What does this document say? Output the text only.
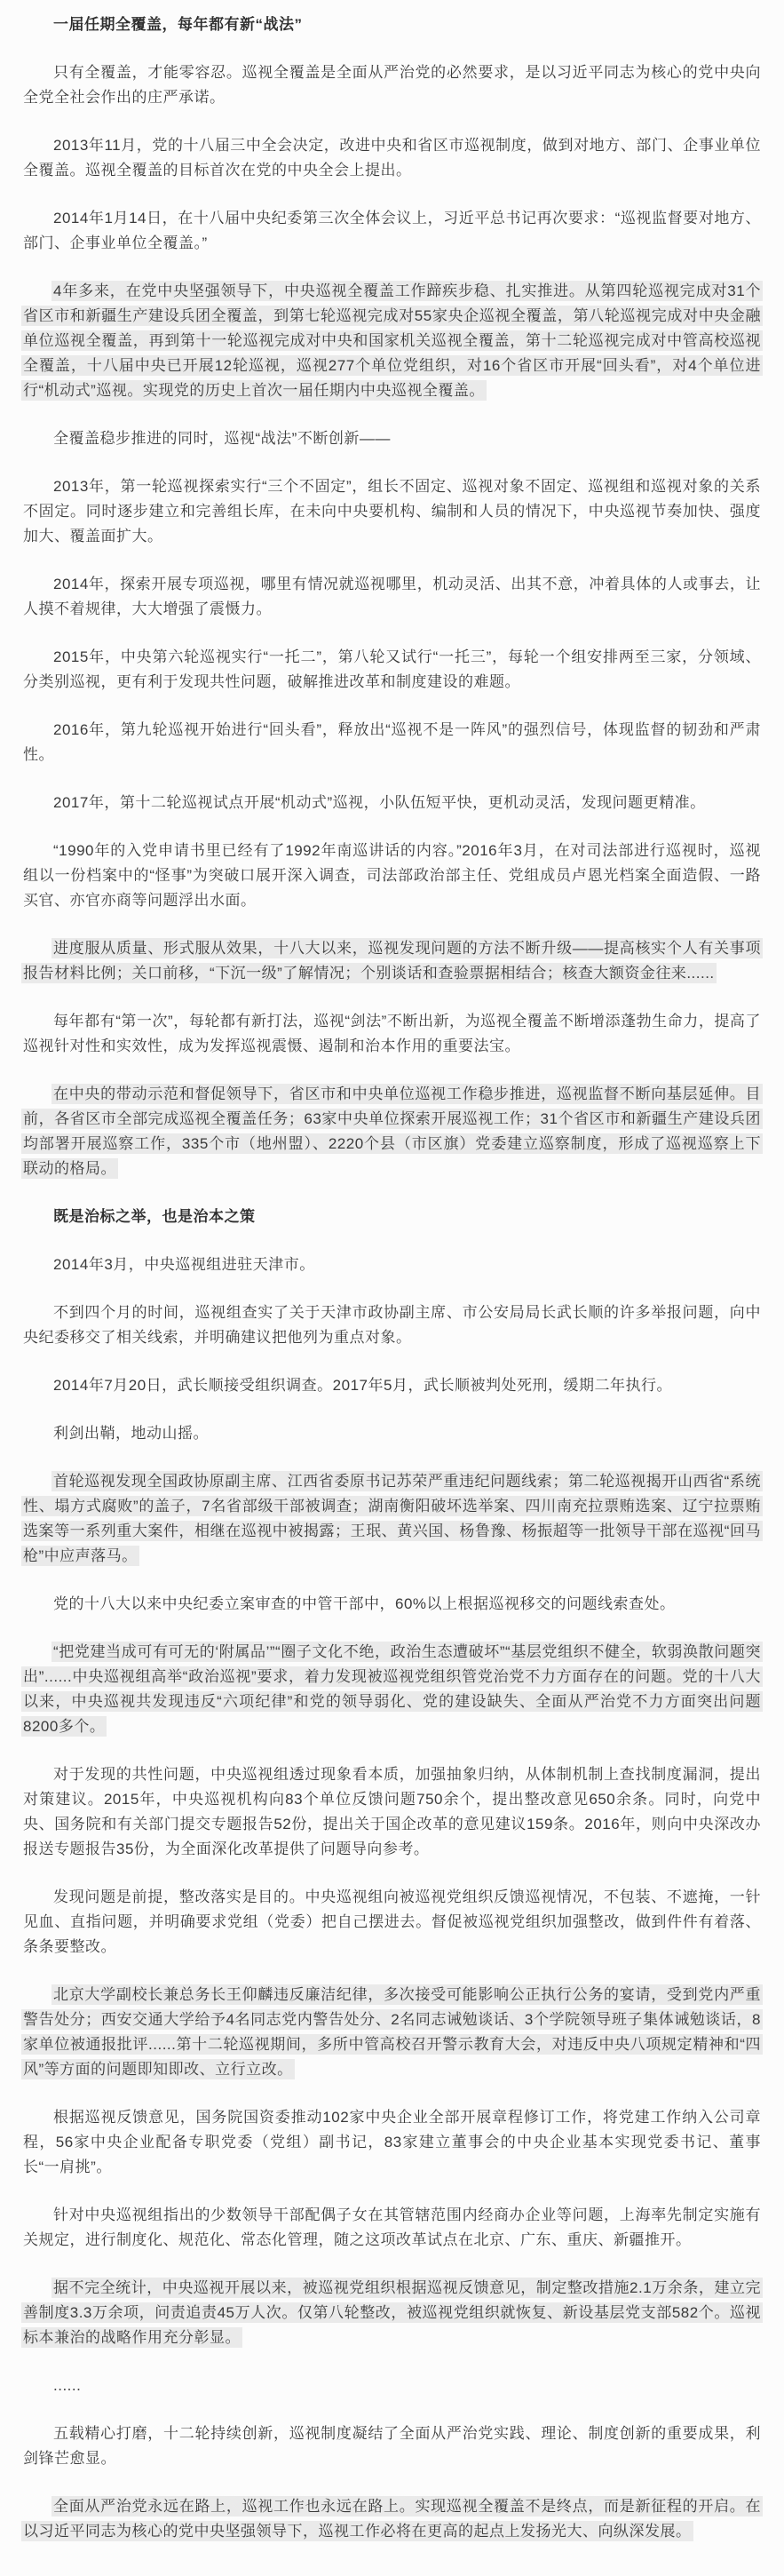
一届任期全覆盖，每年都有新“战法”

只有全覆盖，才能零容忍。巡视全覆盖是全面从严治党的必然要求，是以习近平同志为核心的党中央向全党全社会作出的庄严承诺。

2013年11月，党的十八届三中全会决定，改进中央和省区市巡视制度，做到对地方、部门、企事业单位全覆盖。巡视全覆盖的目标首次在党的中央全会上提出。

2014年1月14日，在十八届中央纪委第三次全体会议上，习近平总书记再次要求：“巡视监督要对地方、部门、企事业单位全覆盖。”

4年多来，在党中央坚强领导下，中央巡视全覆盖工作蹄疾步稳、扎实推进。从第四轮巡视完成对31个省区市和新疆生产建设兵团全覆盖，到第七轮巡视完成对55家央企巡视全覆盖，第八轮巡视完成对中央金融单位巡视全覆盖，再到第十一轮巡视完成对中央和国家机关巡视全覆盖，第十二轮巡视完成对中管高校巡视全覆盖，十八届中央已开展12轮巡视，巡视277个单位党组织，对16个省区市开展“回头看”，对4个单位进行“机动式”巡视。实现党的历史上首次一届任期内中央巡视全覆盖。

全覆盖稳步推进的同时，巡视“战法”不断创新——

2013年，第一轮巡视探索实行“三个不固定”，组长不固定、巡视对象不固定、巡视组和巡视对象的关系不固定。同时逐步建立和完善组长库，在未向中央要机构、编制和人员的情况下，中央巡视节奏加快、强度加大、覆盖面扩大。

2014年，探索开展专项巡视，哪里有情况就巡视哪里，机动灵活、出其不意，冲着具体的人或事去，让人摸不着规律，大大增强了震慑力。

2015年，中央第六轮巡视实行“一托二”，第八轮又试行“一托三”，每轮一个组安排两至三家，分领域、分类别巡视，更有利于发现共性问题，破解推进改革和制度建设的难题。

2016年，第九轮巡视开始进行“回头看”，释放出“巡视不是一阵风”的强烈信号，体现监督的韧劲和严肃性。

2017年，第十二轮巡视试点开展“机动式”巡视，小队伍短平快，更机动灵活，发现问题更精准。

“1990年的入党申请书里已经有了1992年南巡讲话的内容。”2016年3月，在对司法部进行巡视时，巡视组以一份档案中的“怪事”为突破口展开深入调查，司法部政治部主任、党组成员卢恩光档案全面造假、一路买官、亦官亦商等问题浮出水面。

进度服从质量、形式服从效果，十八大以来，巡视发现问题的方法不断升级——提高核实个人有关事项报告材料比例；关口前移，“下沉一级”了解情况；个别谈话和查验票据相结合；核查大额资金往来......

每年都有“第一次”，每轮都有新打法，巡视“剑法”不断出新，为巡视全覆盖不断增添蓬勃生命力，提高了巡视针对性和实效性，成为发挥巡视震慑、遏制和治本作用的重要法宝。

在中央的带动示范和督促领导下，省区市和中央单位巡视工作稳步推进，巡视监督不断向基层延伸。目前，各省区市全部完成巡视全覆盖任务；63家中央单位探索开展巡视工作；31个省区市和新疆生产建设兵团均部署开展巡察工作，335个市（地州盟）、2220个县（市区旗）党委建立巡察制度，形成了巡视巡察上下联动的格局。

既是治标之举，也是治本之策

2014年3月，中央巡视组进驻天津市。

不到四个月的时间，巡视组查实了关于天津市政协副主席、市公安局局长武长顺的许多举报问题，向中央纪委移交了相关线索，并明确建议把他列为重点对象。

2014年7月20日，武长顺接受组织调查。2017年5月，武长顺被判处死刑，缓期二年执行。

利剑出鞘，地动山摇。

首轮巡视发现全国政协原副主席、江西省委原书记苏荣严重违纪问题线索；第二轮巡视揭开山西省“系统性、塌方式腐败”的盖子，7名省部级干部被调查；湖南衡阳破坏选举案、四川南充拉票贿选案、辽宁拉票贿选案等一系列重大案件，相继在巡视中被揭露；王珉、黄兴国、杨鲁豫、杨振超等一批领导干部在巡视“回马枪”中应声落马。

党的十八大以来中央纪委立案审查的中管干部中，60%以上根据巡视移交的问题线索查处。

“把党建当成可有可无的‘附属品’”“圈子文化不绝，政治生态遭破坏”“基层党组织不健全，软弱涣散问题突出”......中央巡视组高举“政治巡视”要求，着力发现被巡视党组织管党治党不力方面存在的问题。党的十八大以来，中央巡视共发现违反“六项纪律”和党的领导弱化、党的建设缺失、全面从严治党不力方面突出问题8200多个。

对于发现的共性问题，中央巡视组透过现象看本质，加强抽象归纳，从体制机制上查找制度漏洞，提出对策建议。2015年，中央巡视机构向83个单位反馈问题750余个，提出整改意见650余条。同时，向党中央、国务院和有关部门提交专题报告52份，提出关于国企改革的意见建议159条。2016年，则向中央深改办报送专题报告35份，为全面深化改革提供了问题导向参考。

发现问题是前提，整改落实是目的。中央巡视组向被巡视党组织反馈巡视情况，不包装、不遮掩，一针见血、直指问题，并明确要求党组（党委）把自己摆进去。督促被巡视党组织加强整改，做到件件有着落、条条要整改。

北京大学副校长兼总务长王仰麟违反廉洁纪律，多次接受可能影响公正执行公务的宴请，受到党内严重警告处分；西安交通大学给予4名同志党内警告处分、2名同志诫勉谈话、3个学院领导班子集体诫勉谈话，8家单位被通报批评......第十二轮巡视期间，多所中管高校召开警示教育大会，对违反中央八项规定精神和“四风”等方面的问题即知即改、立行立改。

根据巡视反馈意见，国务院国资委推动102家中央企业全部开展章程修订工作，将党建工作纳入公司章程，56家中央企业配备专职党委（党组）副书记，83家建立董事会的中央企业基本实现党委书记、董事长“一肩挑”。

针对中央巡视组指出的少数领导干部配偶子女在其管辖范围内经商办企业等问题，上海率先制定实施有关规定，进行制度化、规范化、常态化管理，随之这项改革试点在北京、广东、重庆、新疆推开。

据不完全统计，中央巡视开展以来，被巡视党组织根据巡视反馈意见，制定整改措施2.1万余条，建立完善制度3.3万余项，问责追责45万人次。仅第八轮整改，被巡视党组织就恢复、新设基层党支部582个。巡视标本兼治的战略作用充分彰显。

......

五载精心打磨，十二轮持续创新，巡视制度凝结了全面从严治党实践、理论、制度创新的重要成果，利剑锋芒愈显。

全面从严治党永远在路上，巡视工作也永远在路上。实现巡视全覆盖不是终点，而是新征程的开启。在以习近平同志为核心的党中央坚强领导下，巡视工作必将在更高的起点上发扬光大、向纵深发展。
